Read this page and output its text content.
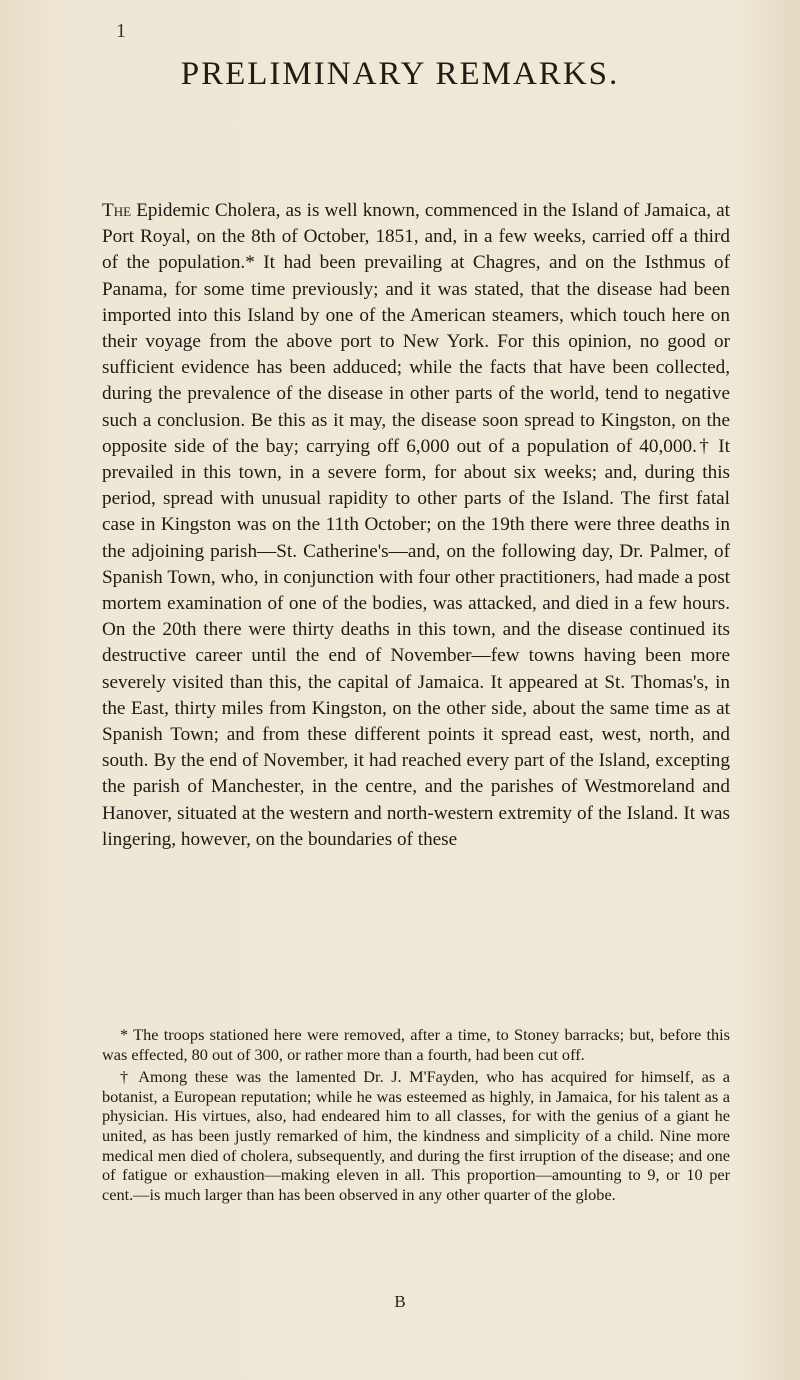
1
PRELIMINARY REMARKS.

The Epidemic Cholera, as is well known, commenced in the Island of Jamaica, at Port Royal, on the 8th of October, 1851, and, in a few weeks, carried off a third of the population.* It had been prevailing at Chagres, and on the Isthmus of Panama, for some time previously; and it was stated, that the disease had been imported into this Island by one of the American steamers, which touch here on their voyage from the above port to New York. For this opinion, no good or sufficient evidence has been adduced; while the facts that have been collected, during the prevalence of the disease in other parts of the world, tend to negative such a conclusion. Be this as it may, the disease soon spread to Kingston, on the opposite side of the bay; carrying off 6,000 out of a population of 40,000.† It prevailed in this town, in a severe form, for about six weeks; and, during this period, spread with unusual rapidity to other parts of the Island. The first fatal case in Kingston was on the 11th October; on the 19th there were three deaths in the adjoining parish—St. Catherine's—and, on the following day, Dr. Palmer, of Spanish Town, who, in conjunction with four other practitioners, had made a post mortem examination of one of the bodies, was attacked, and died in a few hours. On the 20th there were thirty deaths in this town, and the disease continued its destructive career until the end of November—few towns having been more severely visited than this, the capital of Jamaica. It appeared at St. Thomas's, in the East, thirty miles from Kingston, on the other side, about the same time as at Spanish Town; and from these different points it spread east, west, north, and south. By the end of November, it had reached every part of the Island, excepting the parish of Manchester, in the centre, and the parishes of Westmoreland and Hanover, situated at the western and north-western extremity of the Island. It was lingering, however, on the boundaries of these

* The troops stationed here were removed, after a time, to Stoney barracks; but, before this was effected, 80 out of 300, or rather more than a fourth, had been cut off.

† Among these was the lamented Dr. J. M'Fayden, who has acquired for himself, as a botanist, a European reputation; while he was esteemed as highly, in Jamaica, for his talent as a physician. His virtues, also, had endeared him to all classes, for with the genius of a giant he united, as has been justly remarked of him, the kindness and simplicity of a child. Nine more medical men died of cholera, subsequently, and during the first irruption of the disease; and one of fatigue or exhaustion—making eleven in all. This proportion—amounting to 9, or 10 per cent.—is much larger than has been observed in any other quarter of the globe.

B
